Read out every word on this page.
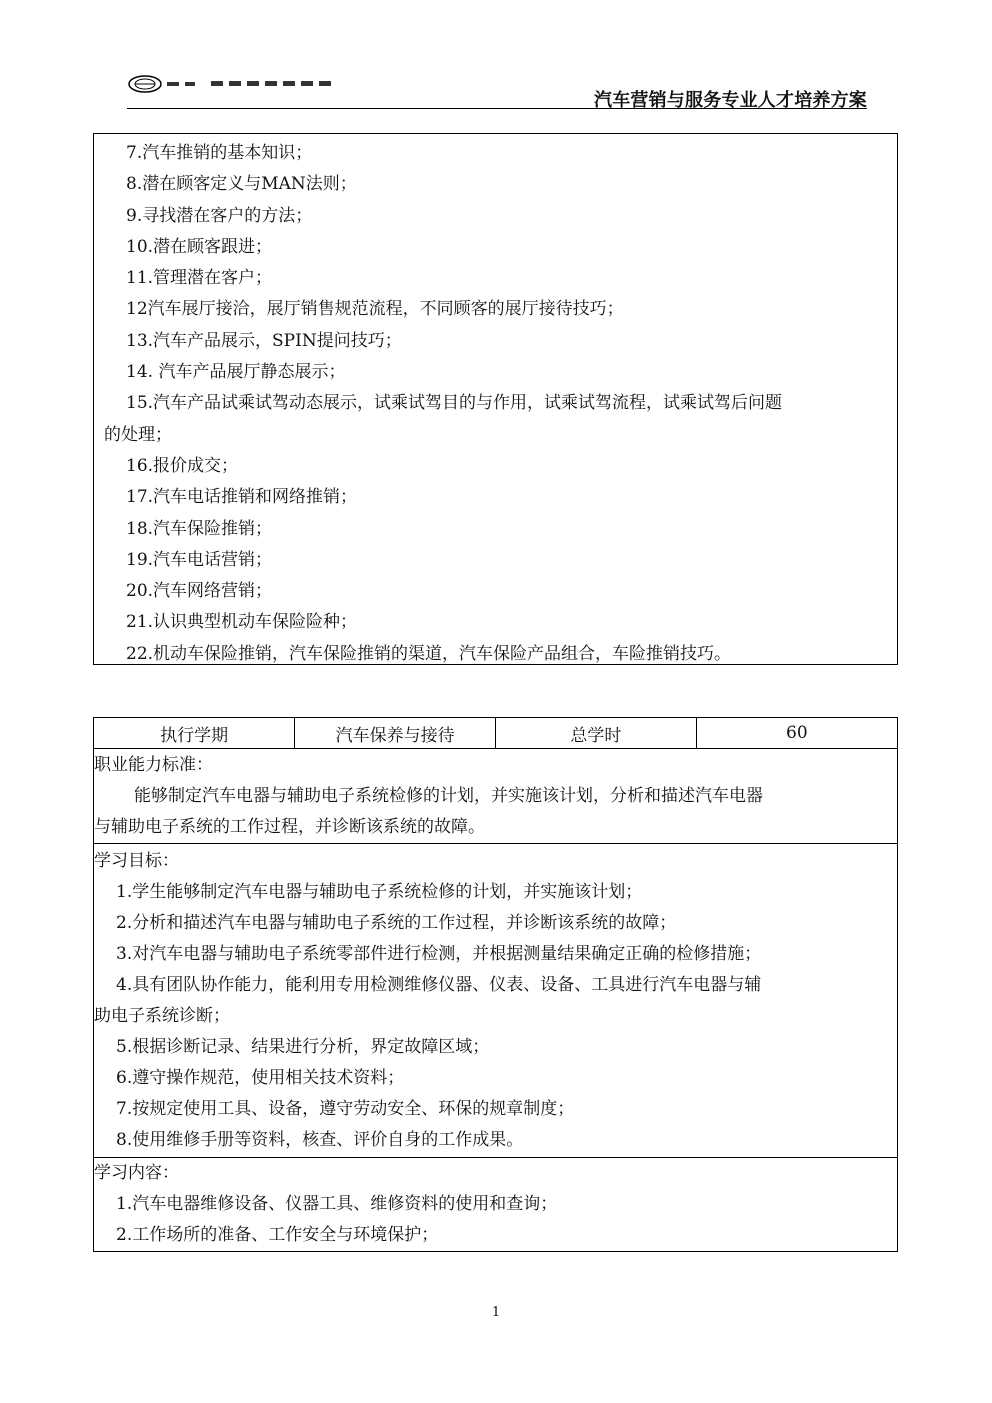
汽车营销与服务专业人才培养方案
7.汽车推销的基本知识；
8.潜在顾客定义与MAN法则；
9.寻找潜在客户的方法；
10.潜在顾客跟进；
11.管理潜在客户；
12汽车展厅接洽，展厅销售规范流程，不同顾客的展厅接待技巧；
13.汽车产品展示，SPIN提问技巧；
14. 汽车产品展厅静态展示；
15.汽车产品试乘试驾动态展示，试乘试驾目的与作用，试乘试驾流程，试乘试驾后问题
的处理；
16.报价成交；
17.汽车电话推销和网络推销；
18.汽车保险推销；
19.汽车电话营销；
20.汽车网络营销；
21.认识典型机动车保险险种；
22.机动车保险推销，汽车保险推销的渠道，汽车保险产品组合，车险推销技巧。
执行学期	汽车保养与接待	总学时	60

职业能力标准：
能够制定汽车电器与辅助电子系统检修的计划，并实施该计划，分析和描述汽车电器
与辅助电子系统的工作过程，并诊断该系统的故障。

学习目标：
1.学生能够制定汽车电器与辅助电子系统检修的计划，并实施该计划；
2.分析和描述汽车电器与辅助电子系统的工作过程，并诊断该系统的故障；
3.对汽车电器与辅助电子系统零部件进行检测，并根据测量结果确定正确的检修措施；
4.具有团队协作能力，能利用专用检测维修仪器、仪表、设备、工具进行汽车电器与辅
助电子系统诊断；
5.根据诊断记录、结果进行分析，界定故障区域；
6.遵守操作规范，使用相关技术资料；
7.按规定使用工具、设备，遵守劳动安全、环保的规章制度；
8.使用维修手册等资料，核查、评价自身的工作成果。

学习内容：
1.汽车电器维修设备、仪器工具、维修资料的使用和查询；
2.工作场所的准备、工作安全与环境保护；
1
